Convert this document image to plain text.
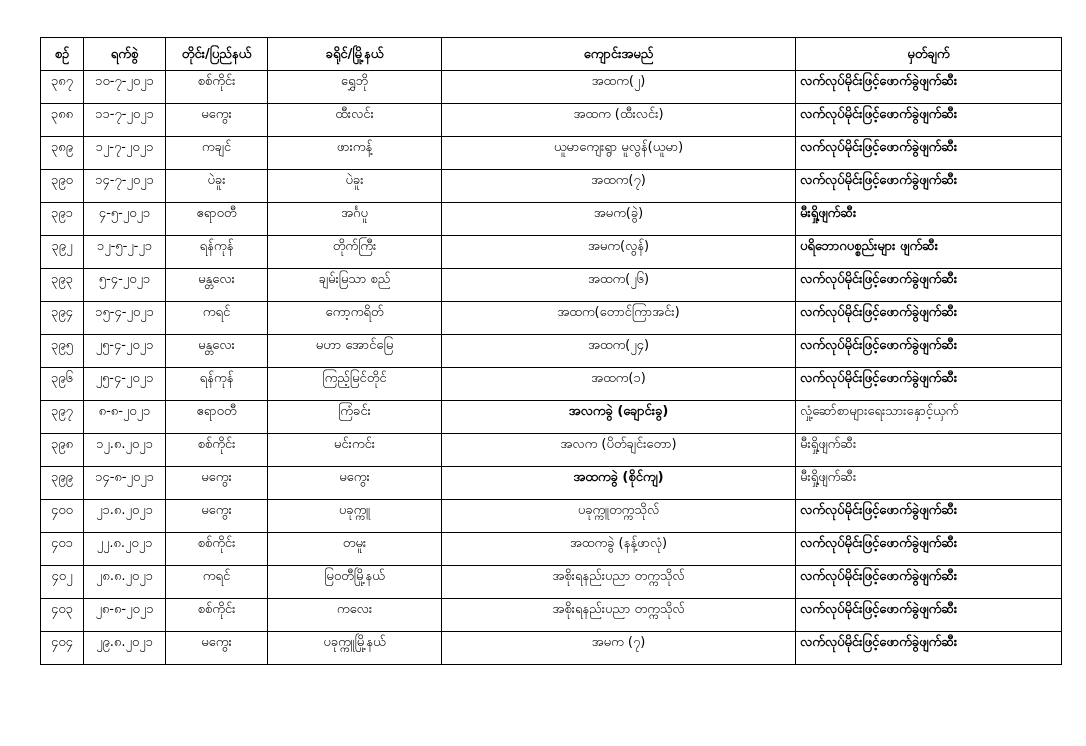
စဉ်	ရက်စွဲ	တိုင်း/ပြည်နယ်	ခရိုင်/မြို့နယ်	ကျောင်းအမည်	မှတ်ချက်
၃၈၇	၁၀-၇-၂၀၂၁	စစ်ကိုင်း	ရွှေဘို	အထက(၂)	လက်လုပ်မိုင်းဖြင့်ဖောက်ခွဲဖျက်ဆီး
၃၈၈	၁၁-၇-၂၀၂၁	မကွေး	ထီးလင်း	အထက (ထီးလင်း)	လက်လုပ်မိုင်းဖြင့်ဖောက်ခွဲဖျက်ဆီး
၃၈၉	၁၂-၇-၂၀၂၁	ကချင်	ဖားကန့်	ယူမာကျေးရွာ မူလွန်(ယူမာ)	လက်လုပ်မိုင်းဖြင့်ဖောက်ခွဲဖျက်ဆီး
၃၉၀	၁၄-၇-၂၀၂၁	ပဲခူး	ပဲခူး	အထက(၇)	လက်လုပ်မိုင်းဖြင့်ဖောက်ခွဲဖျက်ဆီး
၃၉၁	၄-၅-၂၀၂၁	ဧရာဝတီ	အင်္ဂပူ	အမက(ခွဲ)	မီးရှို့ဖျက်ဆီး
၃၉၂	၁၂-၅-၂-၂၁	ရန်ကုန်	တိုက်ကြီး	အမက(လွန်)	ပရိဘောဂပစ္စည်းများ ဖျက်ဆီး
၃၉၃	၅-၄-၂၀၂၁	မန္တလေး	ချမ်းမြသာ စည်	အထက(၂၆)	လက်လုပ်မိုင်းဖြင့်ဖောက်ခွဲဖျက်ဆီး
၃၉၄	၁၅-၄-၂၀၂၁	ကရင်	ကော့ကရိတ်	အထက(တောင်ကြာအင်း)	လက်လုပ်မိုင်းဖြင့်ဖောက်ခွဲဖျက်ဆီး
၃၉၅	၂၅-၄-၂၀၂၁	မန္တလေး	မဟာ အောင်မြေ	အထက(၂၄)	လက်လုပ်မိုင်းဖြင့်ဖောက်ခွဲဖျက်ဆီး
၃၉၆	၂၅-၄-၂၀၂၁	ရန်ကုန်	ကြည့်မြင်တိုင်	အထက(၁)	လက်လုပ်မိုင်းဖြင့်ဖောက်ခွဲဖျက်ဆီး
၃၉၇	၈-၈-၂၀၂၁	ဧရာဝတီ	ကြံခင်း	အလကခွဲ (ချောင်းခွ)	လှုံ့ဆော်စာများရေးသားနှောင့်ယှက်
၃၉၈	၁၂.၈.၂၀၂၁	စစ်ကိုင်း	မင်းကင်း	အလက (ပိတ်ချင်းတော)	မီးရှို့ဖျက်ဆီး
၃၉၉	၁၄-၈-၂၀၂၁	မကွေး	မကွေး	အထကခွဲ (စိုင်ကျ)	မီးရှို့ဖျက်ဆီး
၄၀၀	၂၁.၈.၂၀၂၁	မကွေး	ပခုက္ကူ	ပခုက္ကူတက္ကသိုလ်	လက်လုပ်မိုင်းဖြင့်ဖောက်ခွဲဖျက်ဆီး
၄၀၁	၂၂.၈.၂၀၂၁	စစ်ကိုင်း	တမူး	အထကခွဲ (နန့်ဖာလုံ)	လက်လုပ်မိုင်းဖြင့်ဖောက်ခွဲဖျက်ဆီး
၄၀၂	၂၈.၈.၂၀၂၁	ကရင်	မြဝတီမြို့နယ်	အစိုးရနည်းပညာ တက္ကသိုလ်	လက်လုပ်မိုင်းဖြင့်ဖောက်ခွဲဖျက်ဆီး
၄၀၃	၂၈-၈-၂၀၂၁	စစ်ကိုင်း	ကလေး	အစိုးရနည်းပညာ တက္ကသိုလ်	လက်လုပ်မိုင်းဖြင့်ဖောက်ခွဲဖျက်ဆီး
၄၀၄	၂၉.၈.၂၀၂၁	မကွေး	ပခုက္ကူမြို့နယ်	အမက (၇)	လက်လုပ်မိုင်းဖြင့်ဖောက်ခွဲဖျက်ဆီး
